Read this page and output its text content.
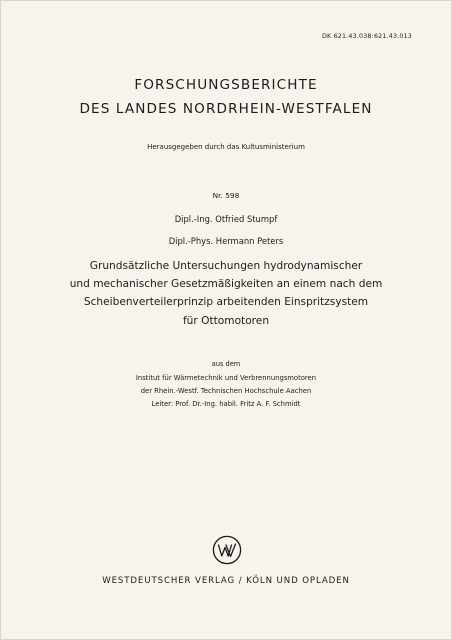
DK 621.43.038:621.43.013
FORSCHUNGSBERICHTE
DES LANDES NORDRHEIN-WESTFALEN
Herausgegeben durch das Kultusministerium
Nr. 598
Dipl.-Ing. Otfried Stumpf
Dipl.-Phys. Hermann Peters
Grundsätzliche Untersuchungen hydrodynamischer
und mechanischer Gesetzmäßigkeiten an einem nach dem
Scheibenverteilerprinzip arbeitenden Einspritzsystem
für Ottomotoren
aus dem
Institut für Wärmetechnik und Verbrennungsmotoren
der Rhein.-Westf. Technischen Hochschule Aachen
Leiter: Prof. Dr.-Ing. habil. Fritz A. F. Schmidt
WESTDEUTSCHER VERLAG / KÖLN UND OPLADEN
